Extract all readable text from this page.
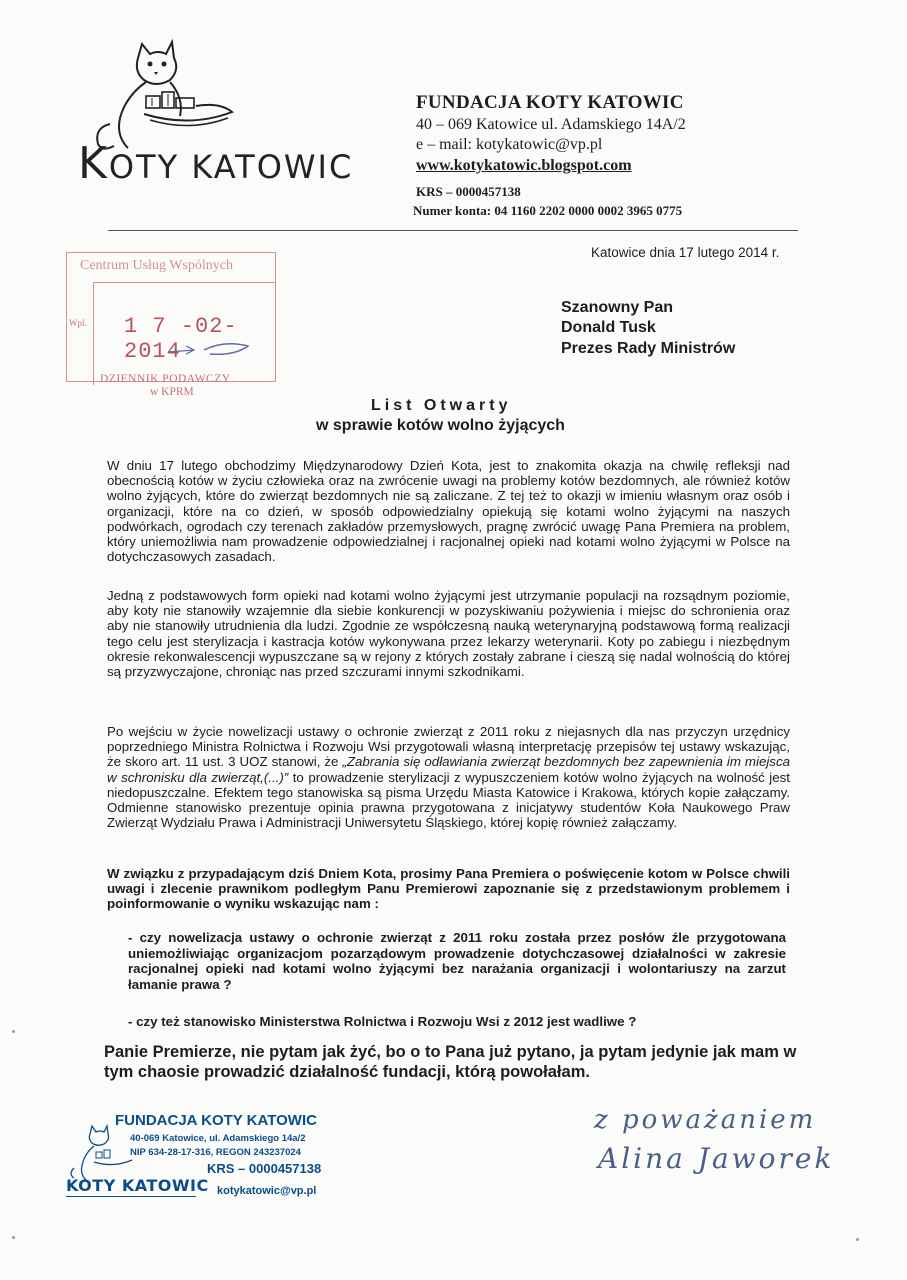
KOTY KATOWIC
FUNDACJA KOTY KATOWIC
40 – 069 Katowice ul. Adamskiego 14A/2
e – mail: kotykatowic@vp.pl
www.kotykatowic.blogspot.com
KRS – 0000457138
Numer konta: 04 1160 2202 0000 0002 3965 0775
Katowice dnia 17 lutego 2014 r.
Centrum Usług Wspólnych
Wpl. 1 7 -02- 2014
DZIENNIK PODAWCZY
w KPRM
Szanowny Pan
Donald Tusk
Prezes Rady Ministrów
List Otwarty
w sprawie kotów wolno żyjących

W dniu 17 lutego obchodzimy Międzynarodowy Dzień Kota, jest to znakomita okazja na chwilę refleksji nad obecnością kotów w życiu człowieka oraz na zwrócenie uwagi na problemy kotów bezdomnych, ale również kotów wolno żyjących, które do zwierząt bezdomnych nie są zaliczane. Z tej też to okazji w imieniu własnym oraz osób i organizacji, które na co dzień, w sposób odpowiedzialny opiekują się kotami wolno żyjącymi na naszych podwórkach, ogrodach czy terenach zakładów przemysłowych, pragnę zwrócić uwagę Pana Premiera na problem, który uniemożliwia nam prowadzenie odpowiedzialnej i racjonalnej opieki nad kotami wolno żyjącymi w Polsce na dotychczasowych zasadach.

Jedną z podstawowych form opieki nad kotami wolno żyjącymi jest utrzymanie populacji na rozsądnym poziomie, aby koty nie stanowiły wzajemnie dla siebie konkurencji w pozyskiwaniu pożywienia i miejsc do schronienia oraz aby nie stanowiły utrudnienia dla ludzi. Zgodnie ze współczesną nauką weterynaryjną podstawową formą realizacji tego celu jest sterylizacja i kastracja kotów wykonywana przez lekarzy weterynarii. Koty po zabiegu i niezbędnym okresie rekonwalescencji wypuszczane są w rejony z których zostały zabrane i cieszą się nadal wolnością do której są przyzwyczajone, chroniąc nas przed szczurami innymi szkodnikami.

Po wejściu w życie nowelizacji ustawy o ochronie zwierząt z 2011 roku z niejasnych dla nas przyczyn urzędnicy poprzedniego Ministra Rolnictwa i Rozwoju Wsi przygotowali własną interpretację przepisów tej ustawy wskazując, że skoro art. 11 ust. 3 UOZ stanowi, że „Zabrania się odławiania zwierząt bezdomnych bez zapewnienia im miejsca w schronisku dla zwierząt,(...)” to prowadzenie sterylizacji z wypuszczeniem kotów wolno żyjących na wolność jest niedopuszczalne. Efektem tego stanowiska są pisma Urzędu Miasta Katowice i Krakowa, których kopie załączamy. Odmienne stanowisko prezentuje opinia prawna przygotowana z inicjatywy studentów Koła Naukowego Praw Zwierząt Wydziału Prawa i Administracji Uniwersytetu Śląskiego, której kopię również załączamy.

W związku z przypadającym dziś Dniem Kota, prosimy Pana Premiera o poświęcenie kotom w Polsce chwili uwagi i zlecenie prawnikom podległym Panu Premierowi zapoznanie się z przedstawionym problemem i poinformowanie o wyniku wskazując nam :

- czy nowelizacja ustawy o ochronie zwierząt z 2011 roku została przez posłów źle przygotowana uniemożliwiając organizacjom pozarządowym prowadzenie dotychczasowej działalności w zakresie racjonalnej opieki nad kotami wolno żyjącymi bez narażania organizacji i wolontariuszy na zarzut łamanie prawa ?
- czy też stanowisko Ministerstwa Rolnictwa i Rozwoju Wsi z 2012 jest wadliwe ?
Panie Premierze, nie pytam jak żyć, bo o to Pana już pytano, ja pytam jedynie jak mam w tym chaosie prowadzić działalność fundacji, którą powołałam.
FUNDACJA KOTY KATOWIC
40-069 Katowice, ul. Adamskiego 14a/2
NIP 634-28-17-316, REGON 243237024
KRS – 0000457138
kotykatowic@vp.pl
KOTY KATOWIC
z poważaniem
Alina Jaworek
